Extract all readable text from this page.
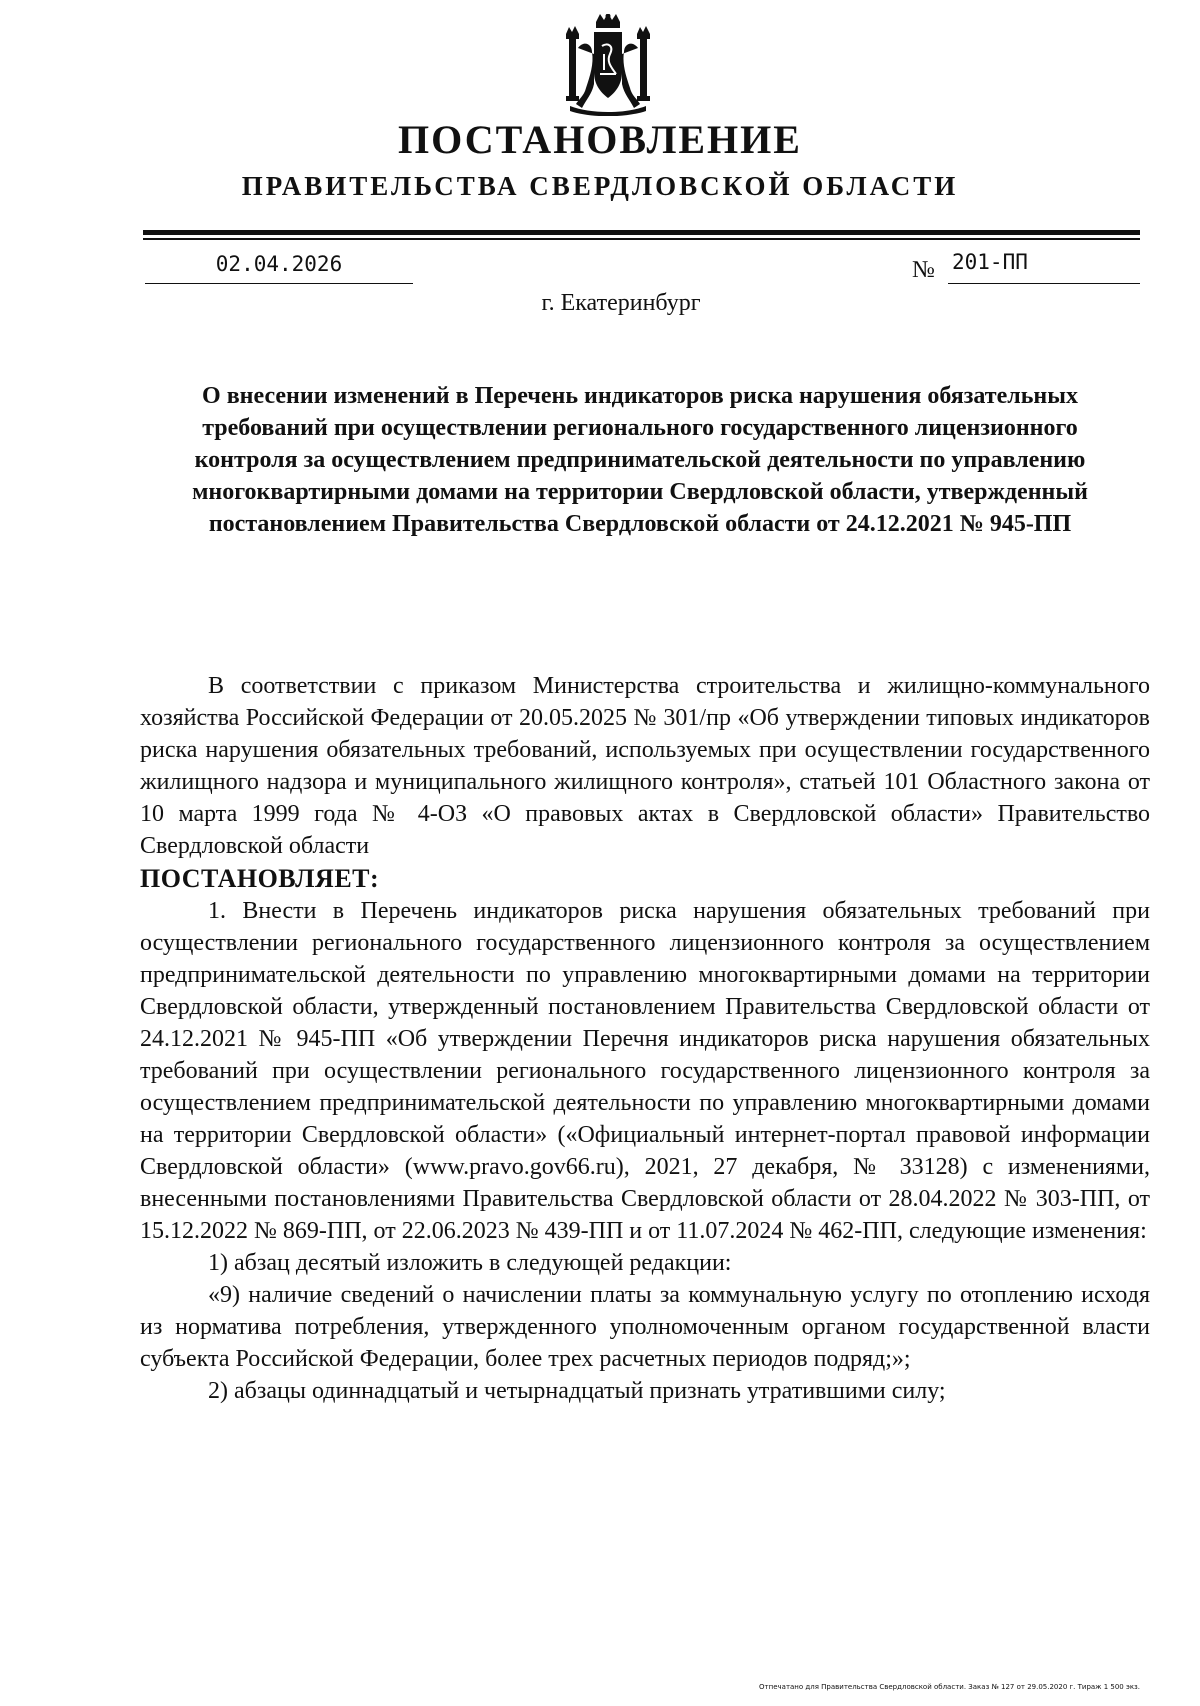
ПОСТАНОВЛЕНИЕ
ПРАВИТЕЛЬСТВА СВЕРДЛОВСКОЙ ОБЛАСТИ
02.04.2026	№ 201-ПП
г. Екатеринбург

О внесении изменений в Перечень индикаторов риска нарушения обязательных требований при осуществлении регионального государственного лицензионного контроля за осуществлением предпринимательской деятельности по управлению многоквартирными домами на территории Свердловской области, утвержденный постановлением Правительства Свердловской области от 24.12.2021 № 945-ПП

В соответствии с приказом Министерства строительства и жилищно-коммунального хозяйства Российской Федерации от 20.05.2025 № 301/пр «Об утверждении типовых индикаторов риска нарушения обязательных требований, используемых при осуществлении государственного жилищного надзора и муниципального жилищного контроля», статьей 101 Областного закона от 10 марта 1999 года № 4-ОЗ «О правовых актах в Свердловской области» Правительство Свердловской области

ПОСТАНОВЛЯЕТ:

1. Внести в Перечень индикаторов риска нарушения обязательных требований при осуществлении регионального государственного лицензионного контроля за осуществлением предпринимательской деятельности по управлению многоквартирными домами на территории Свердловской области, утвержденный постановлением Правительства Свердловской области от 24.12.2021 № 945-ПП «Об утверждении Перечня индикаторов риска нарушения обязательных требований при осуществлении регионального государственного лицензионного контроля за осуществлением предпринимательской деятельности по управлению многоквартирными домами на территории Свердловской области» («Официальный интернет-портал правовой информации Свердловской области» (www.pravo.gov66.ru), 2021, 27 декабря, № 33128) с изменениями, внесенными постановлениями Правительства Свердловской области от 28.04.2022 № 303-ПП, от 15.12.2022 № 869-ПП, от 22.06.2023 № 439-ПП и от 11.07.2024 № 462-ПП, следующие изменения:

1) абзац десятый изложить в следующей редакции:

«9) наличие сведений о начислении платы за коммунальную услугу по отоплению исходя из норматива потребления, утвержденного уполномоченным органом государственной власти субъекта Российской Федерации, более трех расчетных периодов подряд;»;

2) абзацы одиннадцатый и четырнадцатый признать утратившими силу;

Отпечатано для Правительства Свердловской области. Заказ № 127 от 29.05.2020 г. Тираж 1 500 экз.
